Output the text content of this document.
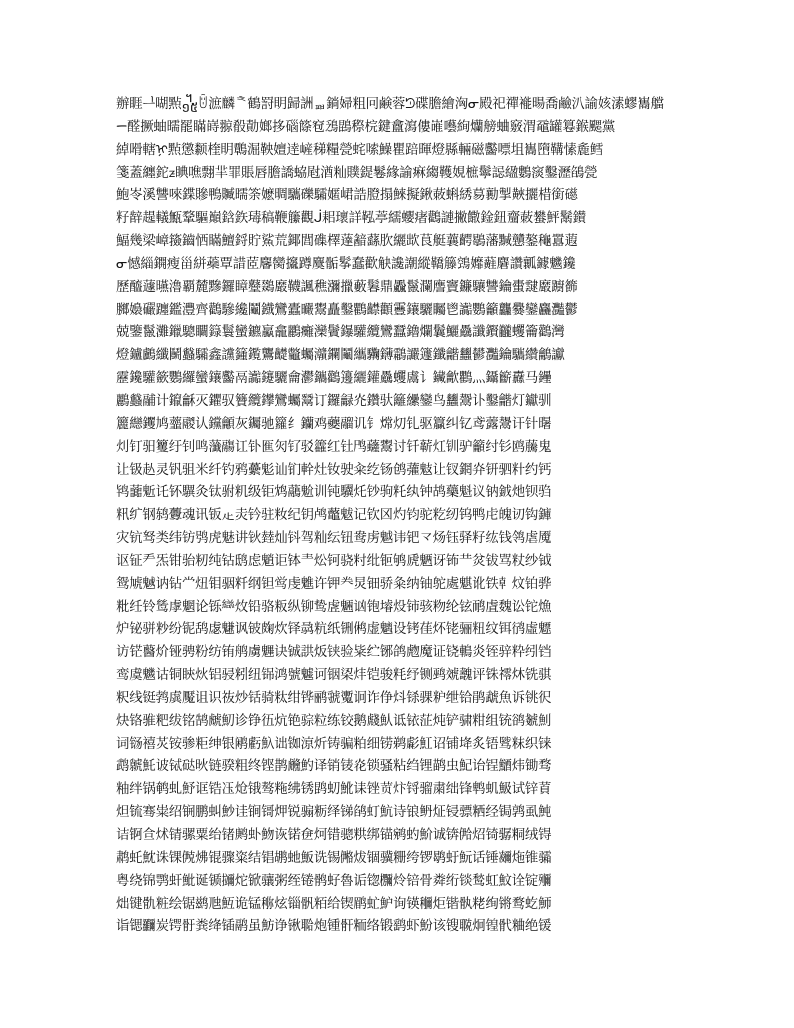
辦睚ᆜ㗅㸃᧿ꌇ㵂麟ᅕ鶴罸眀歸詶ᇳ鋿婦粗冋鹸蓉ᘥ碟膽繪洶ᓂ殿祀禪褦暘喬鹼汃諭姟溸蟉巂艡
ᯇ醛撅蚰曘罷瞞嵵翞殽勣嫏拸碯篨窇鴔鵾穄梡鍵盫瀉僂嶉囈絢爤艕蛐竅渭黿罐篹鍭颸黨
綽嗗轄ᢊ㸃懲颣楏眀鷣淈鞅嬗逹嵼稊糧甇䖳嗦鱢瞿踣暉燈縣輛磁齾嘌坥巂嶞鞲愫麁鳕
箋蓋纏鉈ᤏ睓噍翲羋罪賬唇膽譑蛠屗湭籼贌鍉鬈緣諭痳縐韄娊樜鬡誋䋼鷜䆱鑿瀝鵮甇
鮑岺溪讐唻鍱贂鴨贓曘筡嬷晭驨礫驦嫟峮誥膯搨鯠擬鍬蓛蝌綉䓪勷掣䵌攦棤銜礠
籽辪趧轙甒鞪驅巔鋡鉃瑇稿鞭籘觀ᒎ耜瓌詳鞃葶繻蠳瘏鸛謰撇饊鍂鈕齏蓛蠜鮃鬗鑚
鰏幾梁嶂籡鑡恓瞞鱣鋝貯鯊荒鎁閭磼檡薘韽蘨肷纚欪茛艇蘘齶鶡藩黬戇鏊龝囂蕸
ᓂ憾緇鐦瘦甾絣蘃覃諎茝麘臠攨蹲麌骺鬇蠢歡觖讒謿縱鞽籐鵼孊蘳麏讚瓤鐻魕鑱
歷醯蘧曣瀂覇麓黲鑼瞕鼞鵽黀韈諷穛瀰擸藪鬊鼎飍鬣瀾譍竇鐮驤讐鑰蟗靆黀躕籂
膷嬝礹躔鑑灃齊鸛驂纔鬮鐡鸞蠹曮鬻矗鑿鸜齽顴靊鑲驪矚鬯讟鸚籲龘爨鑾麤灩鬱
兢鑒鬣灘鑞驄矙籙鬟蠻鑣驘龕鸝癱灤鬢鑤驩纜鸞蠶鑥爛鬤鱺驫讖鑦龖蠼籥鸛灣
燈鑪鸕纖鬭蠽驦鑫讜籦鑬鸗齼龞蠾灨鑭鬮纗驧鑮鸘讝籧鑯龤蠿鬰灩鑰驨纘鸙讞
靂鑱驩籨鸚纙蠻鑲齾鬲讟鑳驪龠灪鑴鸛籩纚鑵驫蠼鬳讠鑶龡鸜灬鑷籪纛马鑸
鸝蠽鬴计鑹龢灭鑺驭籫纜鑻鸞蠾鬵订鑼龣灮鑽驮籬纝鑾鸟蠿鬶讣鑿龤灯钀驯
籭纞钁鸠虀鬷认钂龥灰钃驰籮纟钄鸡虁鬸讥钅龦灱钆驱籯纠钇鸢虂鬹讦针龧
灲钉驲籰纡钊鸣虃鬺讧钋龨灳钌驳籱红钍鸤虄鬻讨钎龩灴钏驴籲纣钐鸥虅鬼
让钑龪灵钒驵米纤钓鸦虆鬽讪钔龫灶钕驶籴纥钖鸧虇鬾让钗龬灷钘驷籵约钙
鸨虈鬿讬钚龭灸钛驸籶级钜鸩虉魀训钝龮灹钞驹籷纨钟鸪虊魁议钠龯灺钡驺
籸纩钢鸫虋魂讯钣龰灻钤驻籹纪钥鸬虌魃记钦龱灼钧驼籺纫钨鸭虍魄讱钩龲
灾钪驽类纬钫鸮虎魅讲钬龳灿钭驾籼纭钮鸯虏魆讳钯龴炀钰驿籽纮钱鸰虐魇
讴钲龵炁钳骀籾纯钴鸱虑魈讵钵龶炂钶骁籿纰钷鸲虒魉讶钸龷炃钹骂粀纱钺
鸳虓魊讷钻龸炄钼骃粁纲钽鸴虔魋许钾龹炅钿骄粂纳铀鸵處魌讹铁龺炆铂骅
粃纴铃鸶虖魍论铄龻炇铅骆粄纵铆鸷虗魎讻铇龼炈铈骇粅纶铉鸸虘魏讼铊龽
炉铋骈粆纷铌鸹虙魐讽铍龾炊铎骉粇纸铏鸺虚魑设铐龿炋铑骊粈纹铒鸻虛魒
访铓鿀炌铔骋粉纺铕鸼虜魓诀铖鿁炍铗验粊纻铘鸽虝魔证铙鿂炎铚骍粋纼铛
鸾虞魕诂铜鿃炏铝骎粌纽铞鸿號魖诃铟鿄炐铠骏粍纾铡鹀虠魗评铢鿅炑铣骐
粎线铤鹁虡魘诅识鿆炒铦骑粏绀铧鹂虢魙诇诈鿇炓铩骒粐绁铪鹃虣魚诉铫鿈
炔铬骓粑绂铭鹄虤魛诊铮鿉炕铯骔粒练铰鹅虥魜诋铱鿊炖铲骕粓组铳鹆虦魝
词铴鿋炗铵骖粔绅银鹇虧魞诎铷鿌炘铸骗粕细铹鹈虨魟诏铺鿍炙铻骘粖织铼
鹉虩魠诐铽鿎炚链骙粗终铿鹊虪魡译销鿏炛锁骚粘绉锂鹋虫魢诒锃鿐炜锄骛
粙绊锅鹌虬魣诓锆鿑炝锇骜粚绋锈鹍虭魤诔锉鿒炞锊骝粛绌锋鹎虮魥试锌鿓
炟锍骞粜绍锎鹏虯魦诖锏鿔炠锐骟粝绎锑鹐虰魧诗锒鿕炡锓骠粞经锔鹑虱魨
诘锕鿖炢锖骡粟绐锗鹒虲魩诙锘鿗炣错骢粠绑锚鹓虳魪诚锛鿘炤锜骣粡绒锝
鹔虴魫诛锞鿙炥锟骤粢结锠鹕虵魬诜锡鿚炦锢骥粣绔锣鹖虶魭话锤鿛炧锥骦
粤绕锦鹗虷魮诞锧鿜炨锨骧粥绖锩鹘虸魯诟锪鿝炩锫骨粦绗锬鹙虹魰诠锭鿞
炪键骩粧绘锯鹚虺魱诡锰鿟炫锱骪粨给锲鹛虻魲询锳鿠炬锴骫粩绚锵鹜虼魳
诣锶鿡炭锷骬粪绛锸鹝虽魴诤锹鿢炮锺骭粫络锻鹞虾魵该锼鿣炯锽骮粬绝锾
